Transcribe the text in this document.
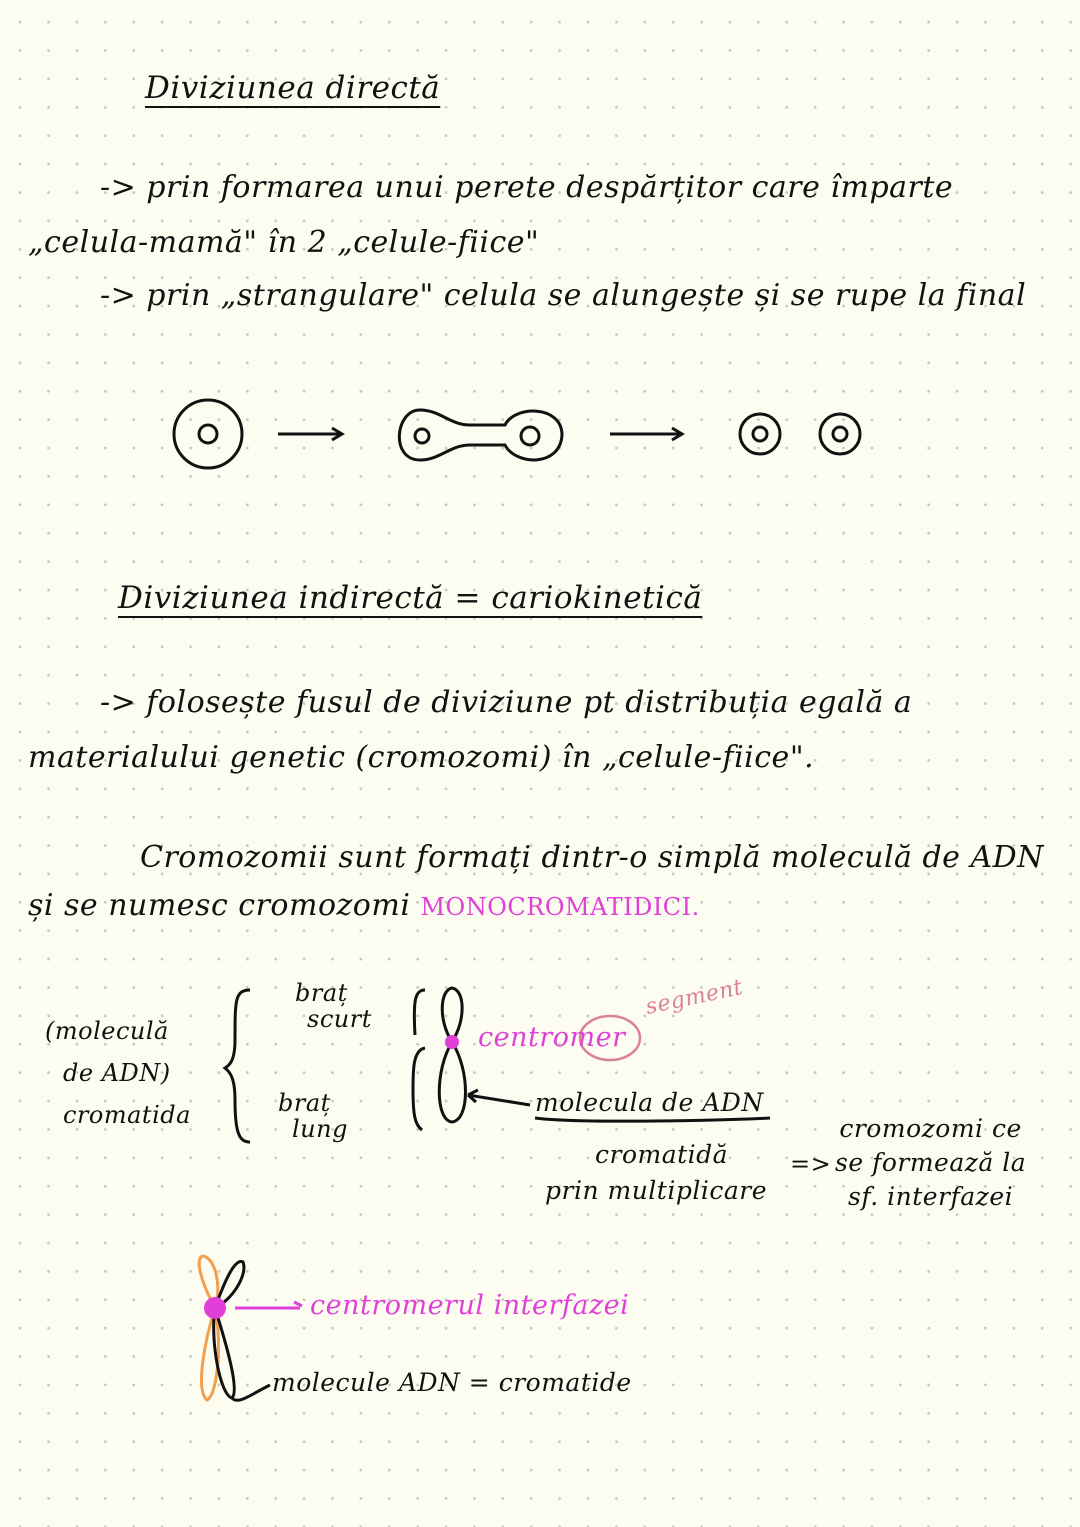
Diviziunea directă
-> prin formarea unui perete despărțitor care împarte
„celula-mamă" în 2 „celule-fiice"
-> prin „strangulare" celula se alungește și se rupe la final
Diviziunea indirectă = cariokinetică
-> folosește fusul de diviziune pt distribuția egală a
materialului genetic (cromozomi) în „celule-fiice".
Cromozomii sunt formați dintr-o simplă moleculă de ADN
și se numesc cromozomi MONOCROMATIDICI.
(moleculă
de ADN)
cromatida
braț
scurt
braț
lung
centromer
segment
molecula de ADN
cromatidă
prin multiplicare
=>
cromozomi ce
se formează la
sf. interfazei
centromerul interfazei
molecule ADN = cromatide
